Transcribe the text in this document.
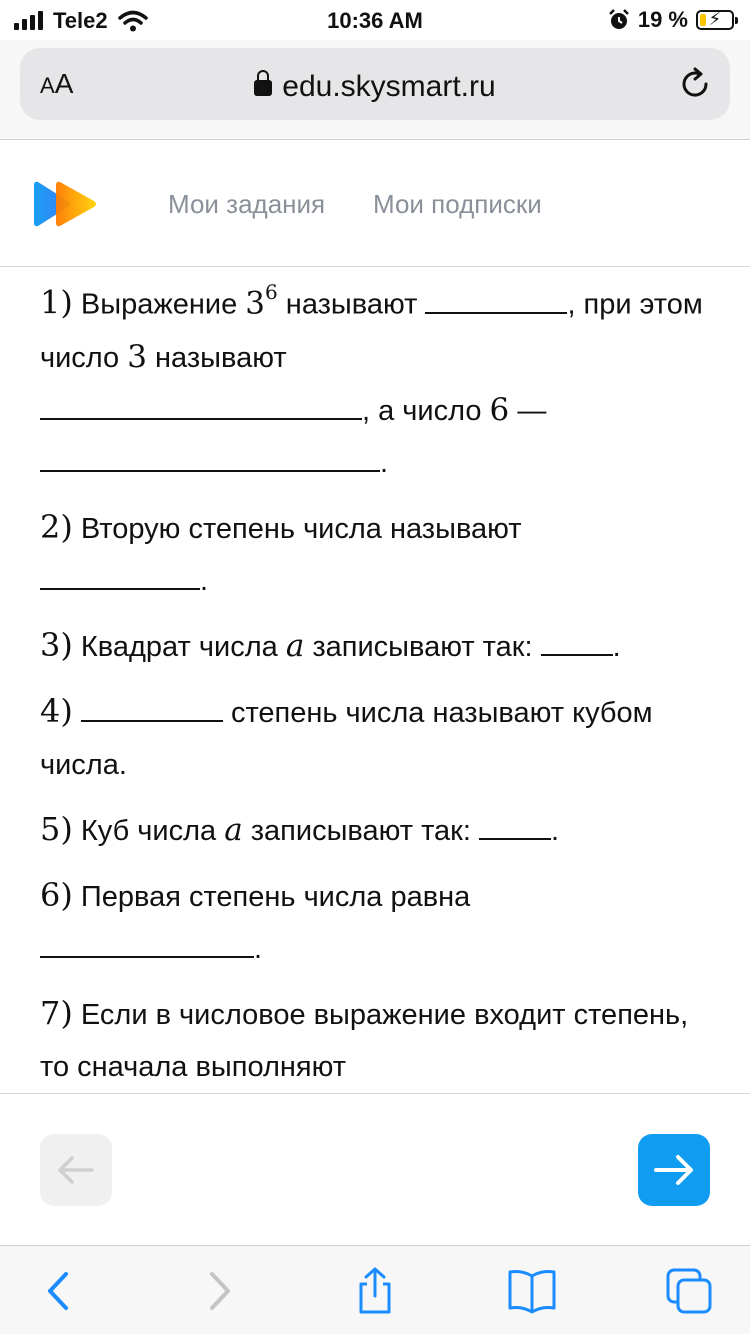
Tele2	10:36 AM	19 %	⚡
AA	edu.skysmart.ru
Мои задания Мои подписки
1) Выражение $3^6$ называют	, при этом число 3 называют
, а число 6 —
.
2) Вторую степень числа называют
.
3) Квадрат числа a записывают так: .
4)	степень числа называют кубом числа.
5) Куб числа a записывают так: .
6) Первая степень числа равна
.
7) Если в числовое выражение входит степень, то сначала выполняют
